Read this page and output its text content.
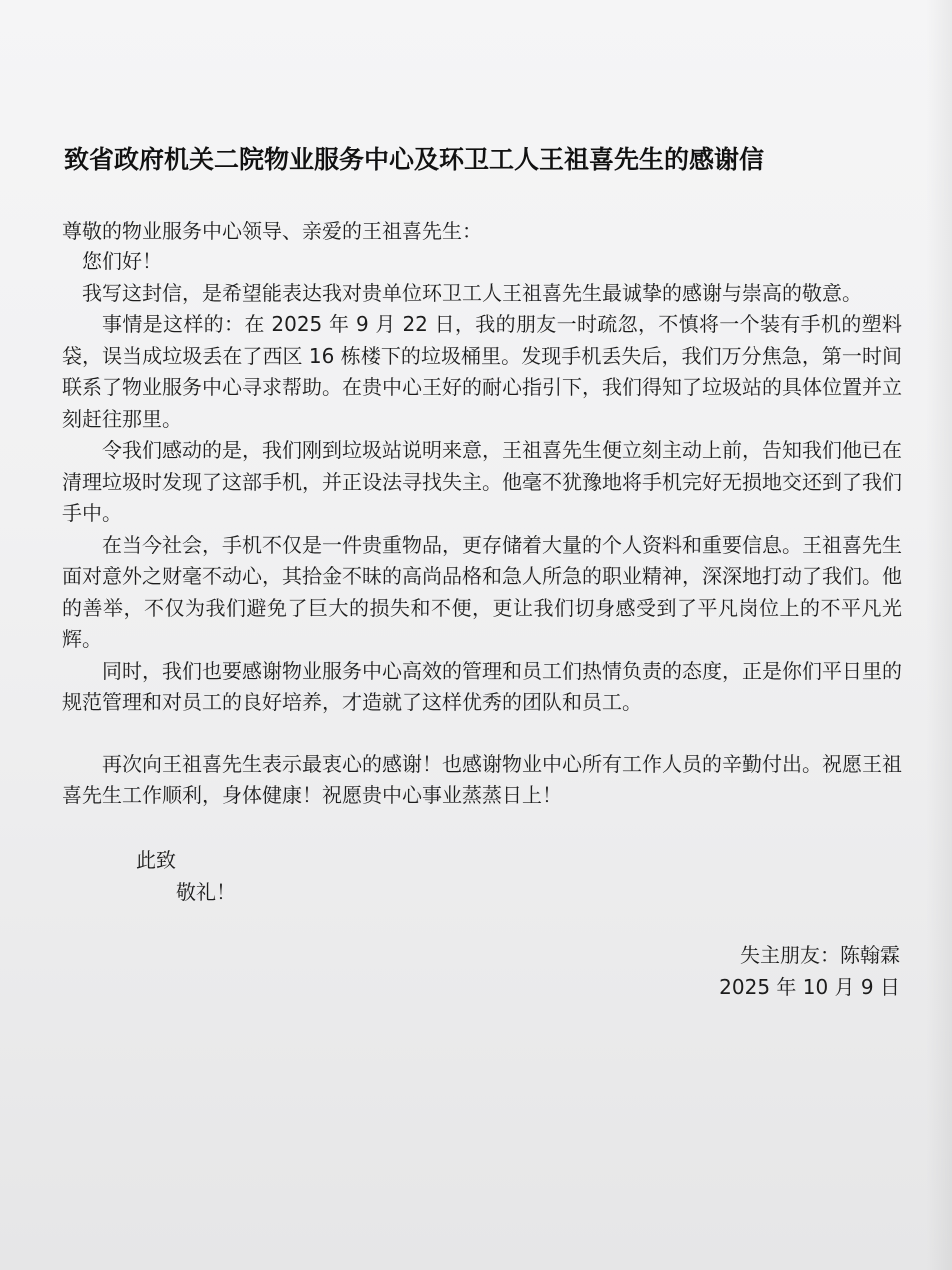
致省政府机关二院物业服务中心及环卫工人王祖喜先生的感谢信

尊敬的物业服务中心领导、亲爱的王祖喜先生：

您们好！

我写这封信，是希望能表达我对贵单位环卫工人王祖喜先生最诚挚的感谢与崇高的敬意。

事情是这样的：在 2025 年 9 月 22 日，我的朋友一时疏忽，不慎将一个装有手机的塑料袋，误当成垃圾丢在了西区 16 栋楼下的垃圾桶里。发现手机丢失后，我们万分焦急，第一时间联系了物业服务中心寻求帮助。在贵中心王好的耐心指引下，我们得知了垃圾站的具体位置并立刻赶往那里。

令我们感动的是，我们刚到垃圾站说明来意，王祖喜先生便立刻主动上前，告知我们他已在清理垃圾时发现了这部手机，并正设法寻找失主。他毫不犹豫地将手机完好无损地交还到了我们手中。

在当今社会，手机不仅是一件贵重物品，更存储着大量的个人资料和重要信息。王祖喜先生面对意外之财毫不动心，其拾金不昧的高尚品格和急人所急的职业精神，深深地打动了我们。他的善举，不仅为我们避免了巨大的损失和不便，更让我们切身感受到了平凡岗位上的不平凡光辉。

同时，我们也要感谢物业服务中心高效的管理和员工们热情负责的态度，正是你们平日里的规范管理和对员工的良好培养，才造就了这样优秀的团队和员工。

再次向王祖喜先生表示最衷心的感谢！也感谢物业中心所有工作人员的辛勤付出。祝愿王祖喜先生工作顺利，身体健康！祝愿贵中心事业蒸蒸日上！

此致
敬礼！
失主朋友：陈翰霖
2025 年 10 月 9 日
